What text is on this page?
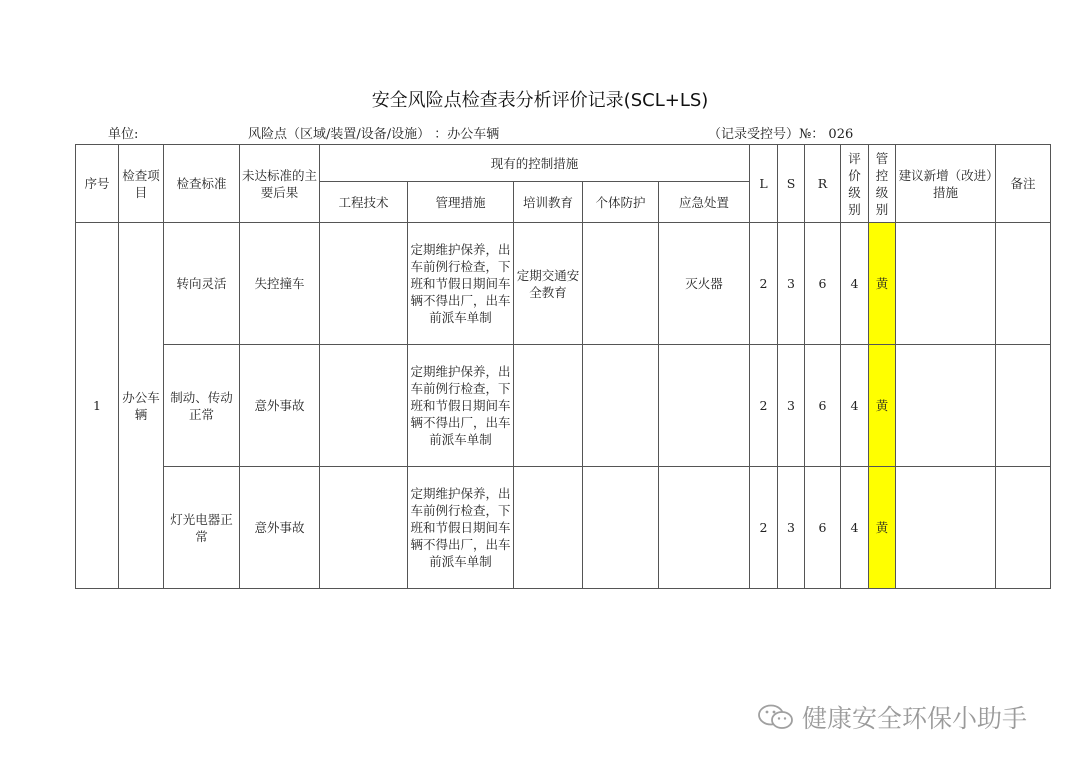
安全风险点检查表分析评价记录(SCL+LS)
单位:	风险点（区域/装置/设备/设施） ：办公车辆	（记录受控号）№： 026
序号	检查项目	检查标准	未达标准的主要后果	现有的控制措施					L	S	R	评价级别	管控级别	建议新增（改进）措施	备注
				工程技术	管理措施	培训教育	个体防护	应急处置							
1	办公车辆	转向灵活	失控撞车		定期维护保养，出车前例行检查，下班和节假日期间车辆不得出厂，出车前派车单制	定期交通安全教育		灭火器	2	3	6	4	黄		
		制动、传动正常	意外事故		定期维护保养，出车前例行检查，下班和节假日期间车辆不得出厂，出车前派车单制				2	3	6	4	黄		
		灯光电器正常	意外事故		定期维护保养，出车前例行检查，下班和节假日期间车辆不得出厂，出车前派车单制				2	3	6	4	黄		
健康安全环保小助手
